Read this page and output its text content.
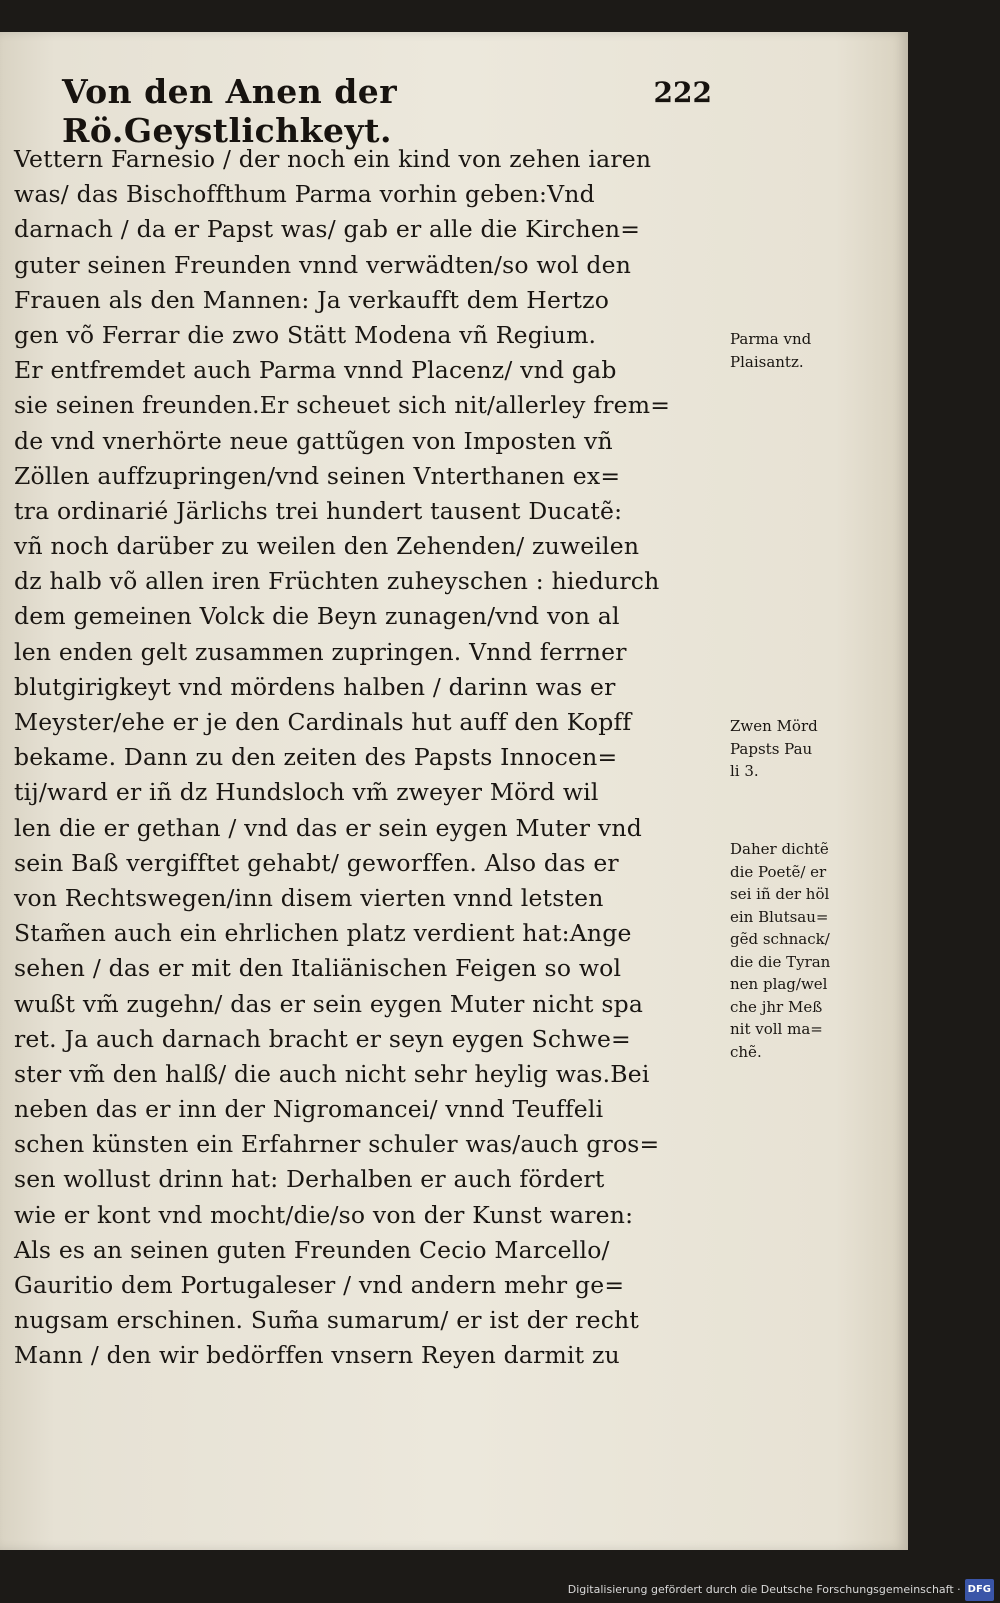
Von den Anen der Rö.Geystlichkeyt.
222
Vettern Farnesio / der noch ein kind von zehen iaren
was/ das Bischoffthum Parma vorhin geben:Vnd
darnach / da er Papst was/ gab er alle die Kirchen=
guter seinen Freunden vnnd verwädten/so wol den
Frauen als den Mannen: Ja verkaufft dem Hertzo
gen võ Ferrar die zwo Stätt Modena vñ Regium.
Er entfremdet auch Parma vnnd Placenz/ vnd gab
sie seinen freunden.Er scheuet sich nit/allerley frem=
de vnd vnerhörte neue gattũgen von Imposten vñ
Zöllen auffzupringen/vnd seinen Vnterthanen ex=
tra ordinarié Järlichs trei hundert tausent Ducatẽ:
vñ noch darüber zu weilen den Zehenden/ zuweilen
dz halb võ allen iren Früchten zuheyschen : hiedurch
dem gemeinen Volck die Beyn zunagen/vnd von al
len enden gelt zusammen zupringen. Vnnd ferrner
blutgirigkeyt vnd mördens halben / darinn was er
Meyster/ehe er je den Cardinals hut auff den Kopff
bekame. Dann zu den zeiten des Papsts Innocen=
tij/ward er iñ dz Hundsloch vm̃ zweyer Mörd wil
len die er gethan / vnd das er sein eygen Muter vnd
sein Baß vergifftet gehabt/ geworffen. Also das er
von Rechtswegen/inn disem vierten vnnd letsten
Stam̃en auch ein ehrlichen platz verdient hat:Ange
sehen / das er mit den Italiänischen Feigen so wol
wußt vm̃ zugehn/ das er sein eygen Muter nicht spa
ret. Ja auch darnach bracht er seyn eygen Schwe=
ster vm̃ den halß/ die auch nicht sehr heylig was.Bei
neben das er inn der Nigromancei/ vnnd Teuffeli
schen künsten ein Erfahrner schuler was/auch gros=
sen wollust drinn hat: Derhalben er auch fördert
wie er kont vnd mocht/die/so von der Kunst waren:
Als es an seinen guten Freunden Cecio Marcello/
Gauritio dem Portugaleser / vnd andern mehr ge=
nugsam erschinen. Sum̃a sumarum/ er ist der recht
Mann / den wir bedörffen vnsern Reyen darmit zu
Parma vnd
Plaisantz.
Zwen Mörd
Papsts Pau
li 3.
Daher dichtẽ
die Poetẽ/ er
sei iñ der höl
ein Blutsau=
gẽd schnack/
die die Tyran
nen plag/wel
che jhr Meß
nit voll ma=
chẽ.
Digitalisierung gefördert durch die Deutsche Forschungsgemeinschaft · DFG
